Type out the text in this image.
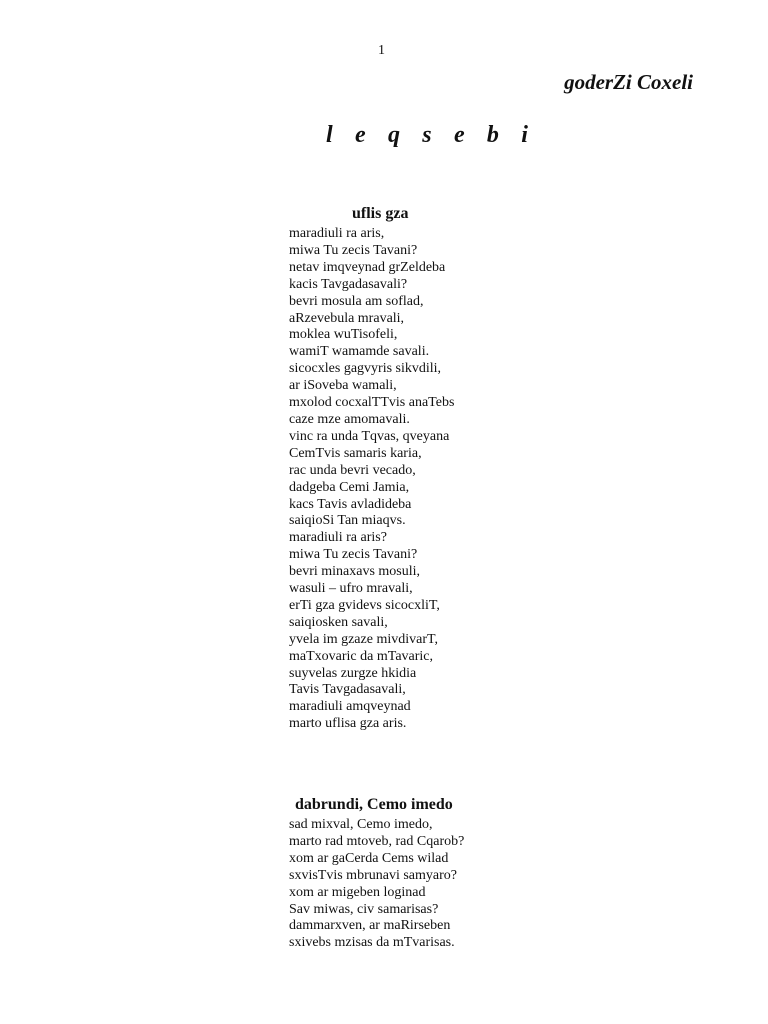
1
goderZi Coxeli
l e q s e b i
uflis gza
maradiuli ra aris,
miwa Tu zecis Tavani?
netav imqveynad grZeldeba
kacis Tavgadasavali?
bevri mosula am soflad,
aRzevebula mravali,
moklea wuTisofeli,
wamiT wamamde savali.
sicocxles gagvyris sikvdili,
ar iSoveba wamali,
mxolod cocxalTTvis anaTebs
caze mze amomavali.
vinc ra unda Tqvas, qveyana
CemTvis samaris karia,
rac unda bevri vecado,
dadgeba Cemi Jamia,
kacs Tavis avladideba
saiqioSi Tan miaqvs.
maradiuli ra aris?
miwa Tu zecis Tavani?
bevri minaxavs mosuli,
wasuli – ufro mravali,
erTi gza gvidevs sicocxliT,
saiqiosken savali,
yvela im gzaze mivdivarT,
maTxovaric da mTavaric,
suyvelas zurgze hkidia
Tavis Tavgadasavali,
maradiuli amqveynad
marto uflisa gza aris.
dabrundi, Cemo imedo
sad mixval, Cemo imedo,
marto rad mtoveb, rad Cqarob?
xom ar gaCerda Cems wilad
sxvisTvis mbrunavi samyaro?
xom ar migeben loginad
Sav miwas, civ samarisas?
dammarxven, ar maRirseben
sxivebs mzisas da mTvarisas.
